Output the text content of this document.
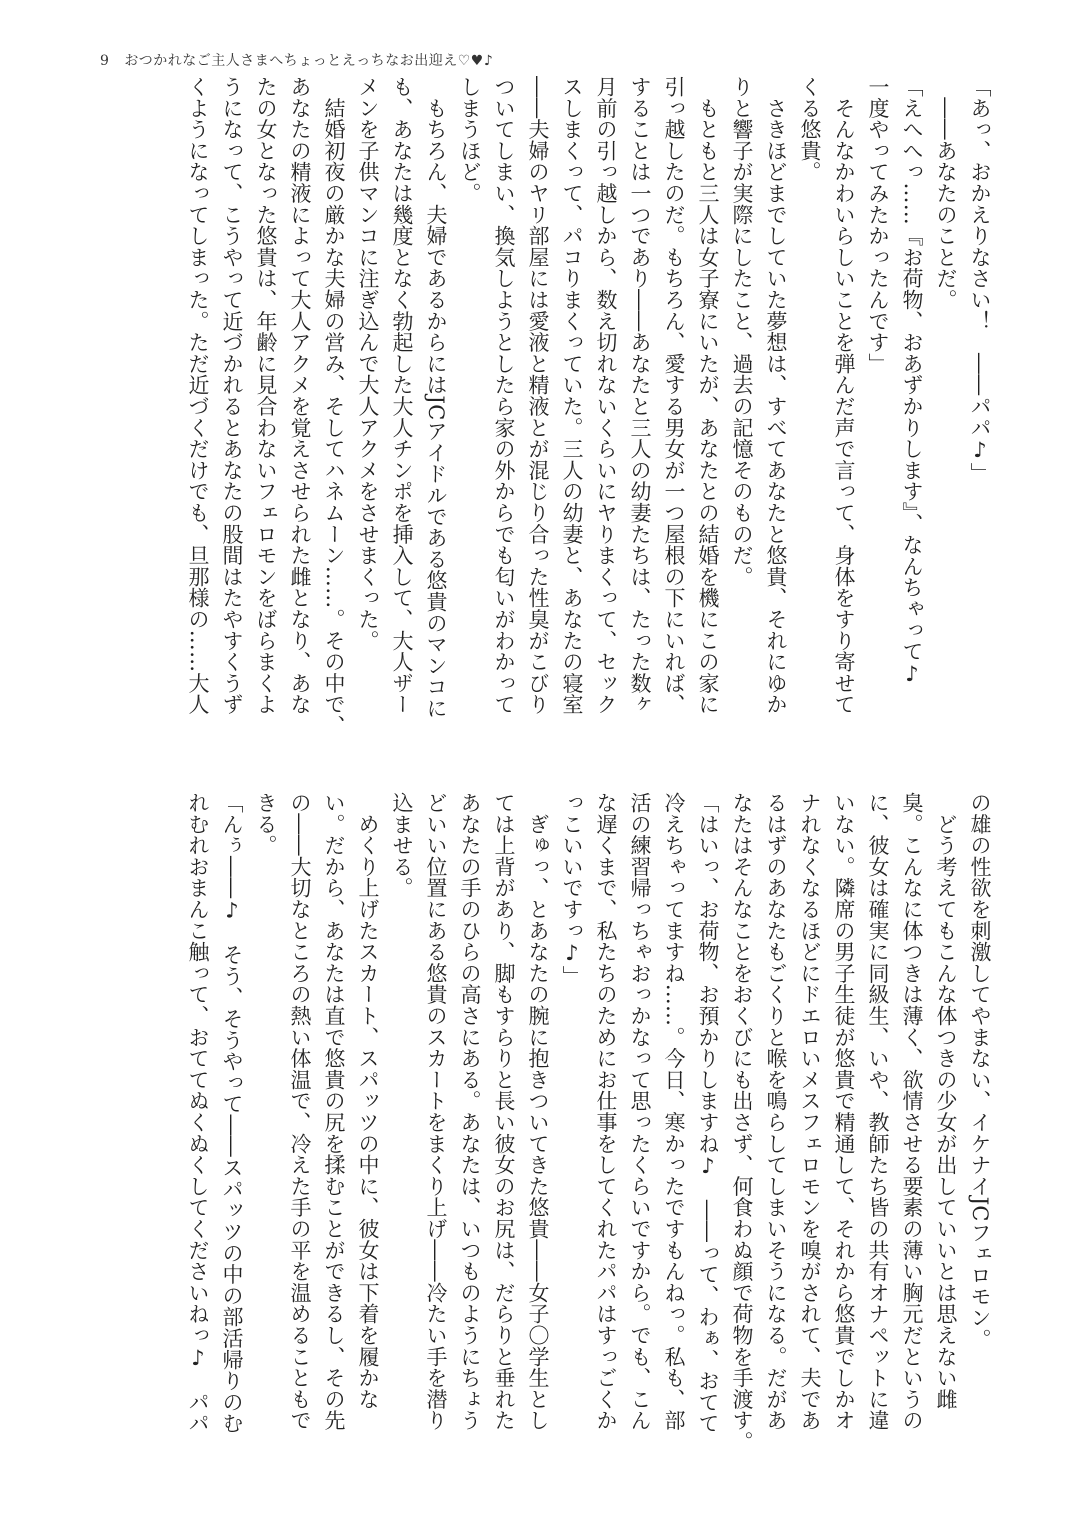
9 おつかれなご主人さまへちょっとえっちなお出迎え♡♥♪
「あっ、おかえりなさい！　――パパ♪」
　――あなたのことだ。
「えへへっ……『お荷物、おあずかりします』、なんちゃって♪
一度やってみたかったんです」
　そんなかわいらしいことを弾んだ声で言って、身体をすり寄せて
くる悠貴。
　さきほどまでしていた夢想は、すべてあなたと悠貴、それにゆか
りと響子が実際にしたこと、過去の記憶そのものだ。
　もともと三人は女子寮にいたが、あなたとの結婚を機にこの家に
引っ越したのだ。もちろん、愛する男女が一つ屋根の下にいれば、
することは一つであり――あなたと三人の幼妻たちは、たった数ヶ
月前の引っ越しから、数え切れないくらいにヤりまくって、セック
スしまくって、パコりまくっていた。三人の幼妻と、あなたの寝室
――夫婦のヤリ部屋には愛液と精液とが混じり合った性臭がこびり
ついてしまい、換気しようとしたら家の外からでも匂いがわかって
しまうほど。
　もちろん、夫婦であるからにはJCアイドルである悠貴のマンコに
も、あなたは幾度となく勃起した大人チンポを挿入して、大人ザー
メンを子供マンコに注ぎ込んで大人アクメをさせまくった。
　結婚初夜の厳かな夫婦の営み、そしてハネムーン……。その中で、
あなたの精液によって大人アクメを覚えさせられた雌となり、あな
たの女となった悠貴は、年齢に見合わないフェロモンをばらまくよ
うになって、こうやって近づかれるとあなたの股間はたやすくうず
くようになってしまった。ただ近づくだけでも、旦那様の……大人
の雄の性欲を刺激してやまない、イケナイJCフェロモン。
　どう考えてもこんな体つきの少女が出していいとは思えない雌
臭。こんなに体つきは薄く、欲情させる要素の薄い胸元だというの
に、彼女は確実に同級生、いや、教師たち皆の共有オナペットに違
いない。隣席の男子生徒が悠貴で精通して、それから悠貴でしかオ
ナれなくなるほどにドエロいメスフェロモンを嗅がされて、夫であ
るはずのあなたもごくりと喉を鳴らしてしまいそうになる。だがあ
なたはそんなことをおくびにも出さず、何食わぬ顔で荷物を手渡す。
「はいっ、お荷物、お預かりしますね♪　――って、わぁ、おてて
冷えちゃってますね……。今日、寒かったですもんねっ。私も、部
活の練習帰っちゃおっかなって思ったくらいですから。でも、こん
な遅くまで、私たちのためにお仕事をしてくれたパパはすっごくか
っこいいですっ♪」
　ぎゅっ、とあなたの腕に抱きついてきた悠貴――女子〇学生とし
ては上背があり、脚もすらりと長い彼女のお尻は、だらりと垂れた
あなたの手のひらの高さにある。あなたは、いつものようにちょう
どいい位置にある悠貴のスカートをまくり上げ――冷たい手を潜り
込ませる。
　めくり上げたスカート、スパッツの中に、彼女は下着を履かな
い。だから、あなたは直で悠貴の尻を揉むことができるし、その先
の――大切なところの熱い体温で、冷えた手の平を温めることもで
きる。
「んぅ――♪　そう、そうやって――スパッツの中の部活帰りのむ
れむれおまんこ触って、おててぬくぬくしてくださいねっ♪　パパ
